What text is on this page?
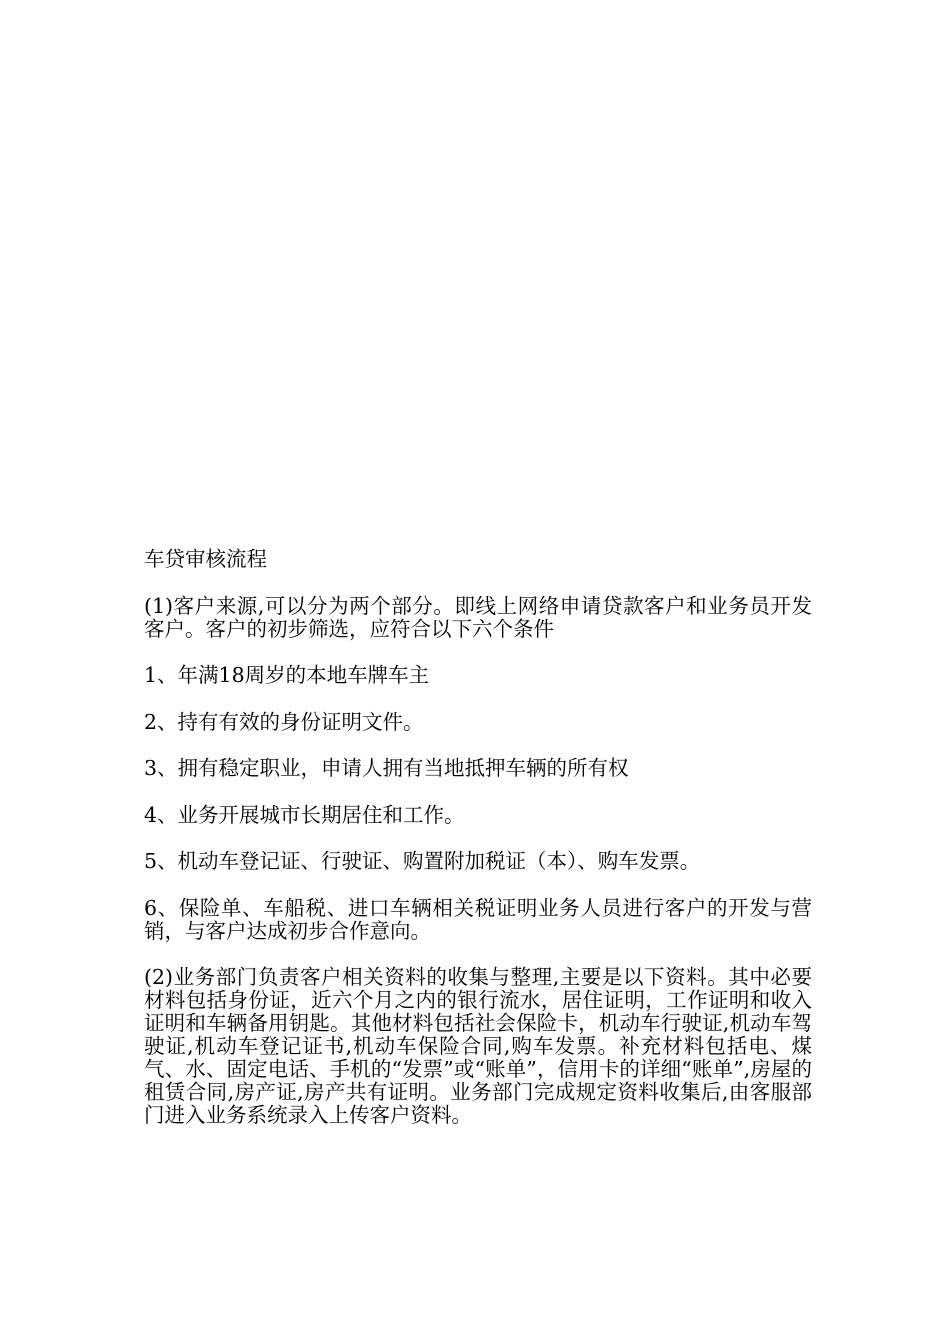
车贷审核流程

(1)客户来源,可以分为两个部分。即线上网络申请贷款客户和业务员开发客户。客户的初步筛选，应符合以下六个条件

1、年满18周岁的本地车牌车主

2、持有有效的身份证明文件。

3、拥有稳定职业，申请人拥有当地抵押车辆的所有权

4、业务开展城市长期居住和工作。

5、机动车登记证、行驶证、购置附加税证（本）、购车发票。

6、保险单、车船税、进口车辆相关税证明业务人员进行客户的开发与营销，与客户达成初步合作意向。

(2)业务部门负责客户相关资料的收集与整理,主要是以下资料。其中必要材料包括身份证，近六个月之内的银行流水，居住证明，工作证明和收入证明和车辆备用钥匙。其他材料包括社会保险卡，机动车行驶证,机动车驾驶证,机动车登记证书,机动车保险合同,购车发票。补充材料包括电、煤气、水、固定电话、手机的“发票”或“账单”，信用卡的详细“账单”,房屋的租赁合同,房产证,房产共有证明。业务部门完成规定资料收集后,由客服部门进入业务系统录入上传客户资料。
